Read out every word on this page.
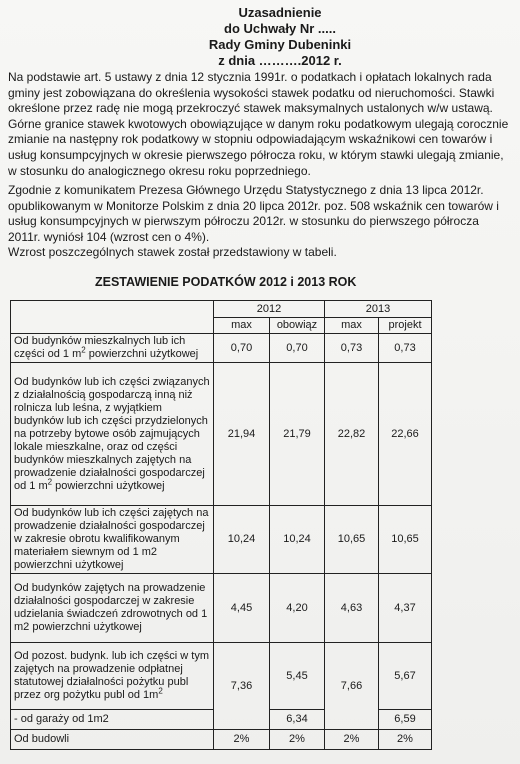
Uzasadnienie
do Uchwały Nr .....
Rady Gminy Dubeninki
z dnia ……….2012 r.
Na podstawie art. 5 ustawy z dnia 12 stycznia 1991r. o podatkach i opłatach lokalnych rada gminy jest zobowiązana do określenia wysokości stawek podatku od nieruchomości. Stawki określone przez radę nie mogą przekroczyć stawek maksymalnych ustalonych w/w ustawą. Górne granice stawek kwotowych obowiązujące w danym roku podatkowym ulegają corocznie zmianie na następny rok podatkowy w stopniu odpowiadającym wskaźnikowi cen towarów i usług konsumpcyjnych w okresie pierwszego półrocza roku, w którym stawki ulegają zmianie, w stosunku do analogicznego okresu roku poprzedniego.
Zgodnie z komunikatem Prezesa Głównego Urzędu Statystycznego z dnia 13 lipca 2012r. opublikowanym w Monitorze Polskim z dnia 20 lipca 2012r. poz. 508 wskaźnik cen towarów i usług konsumpcyjnych w pierwszym półroczu 2012r. w stosunku do pierwszego półrocza 2011r. wyniósł 104 (wzrost cen o 4%).
Wzrost poszczególnych stawek został przedstawiony w tabeli.
ZESTAWIENIE PODATKÓW 2012 i 2013 ROK
	2012		2013	
	max	obowiąz	max	projekt
Od budynków mieszkalnych lub ich części od 1 $m^2$ powierzchni użytkowej	0,70	0,70	0,73	0,73
Od budynków lub ich części związanych z działalnością gospodarczą inną niż rolnicza lub leśna, z wyjątkiem budynków lub ich części przydzielonych na potrzeby bytowe osób zajmujących lokale mieszkalne, oraz od części budynków mieszkalnych zajętych na prowadzenie działalności gospodarczej od 1 $m^2$ powierzchni użytkowej	21,94	21,79	22,82	22,66
Od budynków lub ich części zajętych na prowadzenie działalności gospodarczej w zakresie obrotu kwalifikowanym materiałem siewnym od 1 m2 powierzchni użytkowej	10,24	10,24	10,65	10,65
Od budynków zajętych na prowadzenie działalności gospodarczej w zakresie udzielania świadczeń zdrowotnych od 1 m2 powierzchni użytkowej	4,45	4,20	4,63	4,37
Od pozost. budynk. lub ich części w tym zajętych na prowadzenie odpłatnej statutowej działalności pożytku publ przez org pożytku publ od $1m^2$	7,36	5,45	7,66	5,67
- od garaży od 1m2		6,34		6,59
Od budowli	2%	2%	2%	2%
